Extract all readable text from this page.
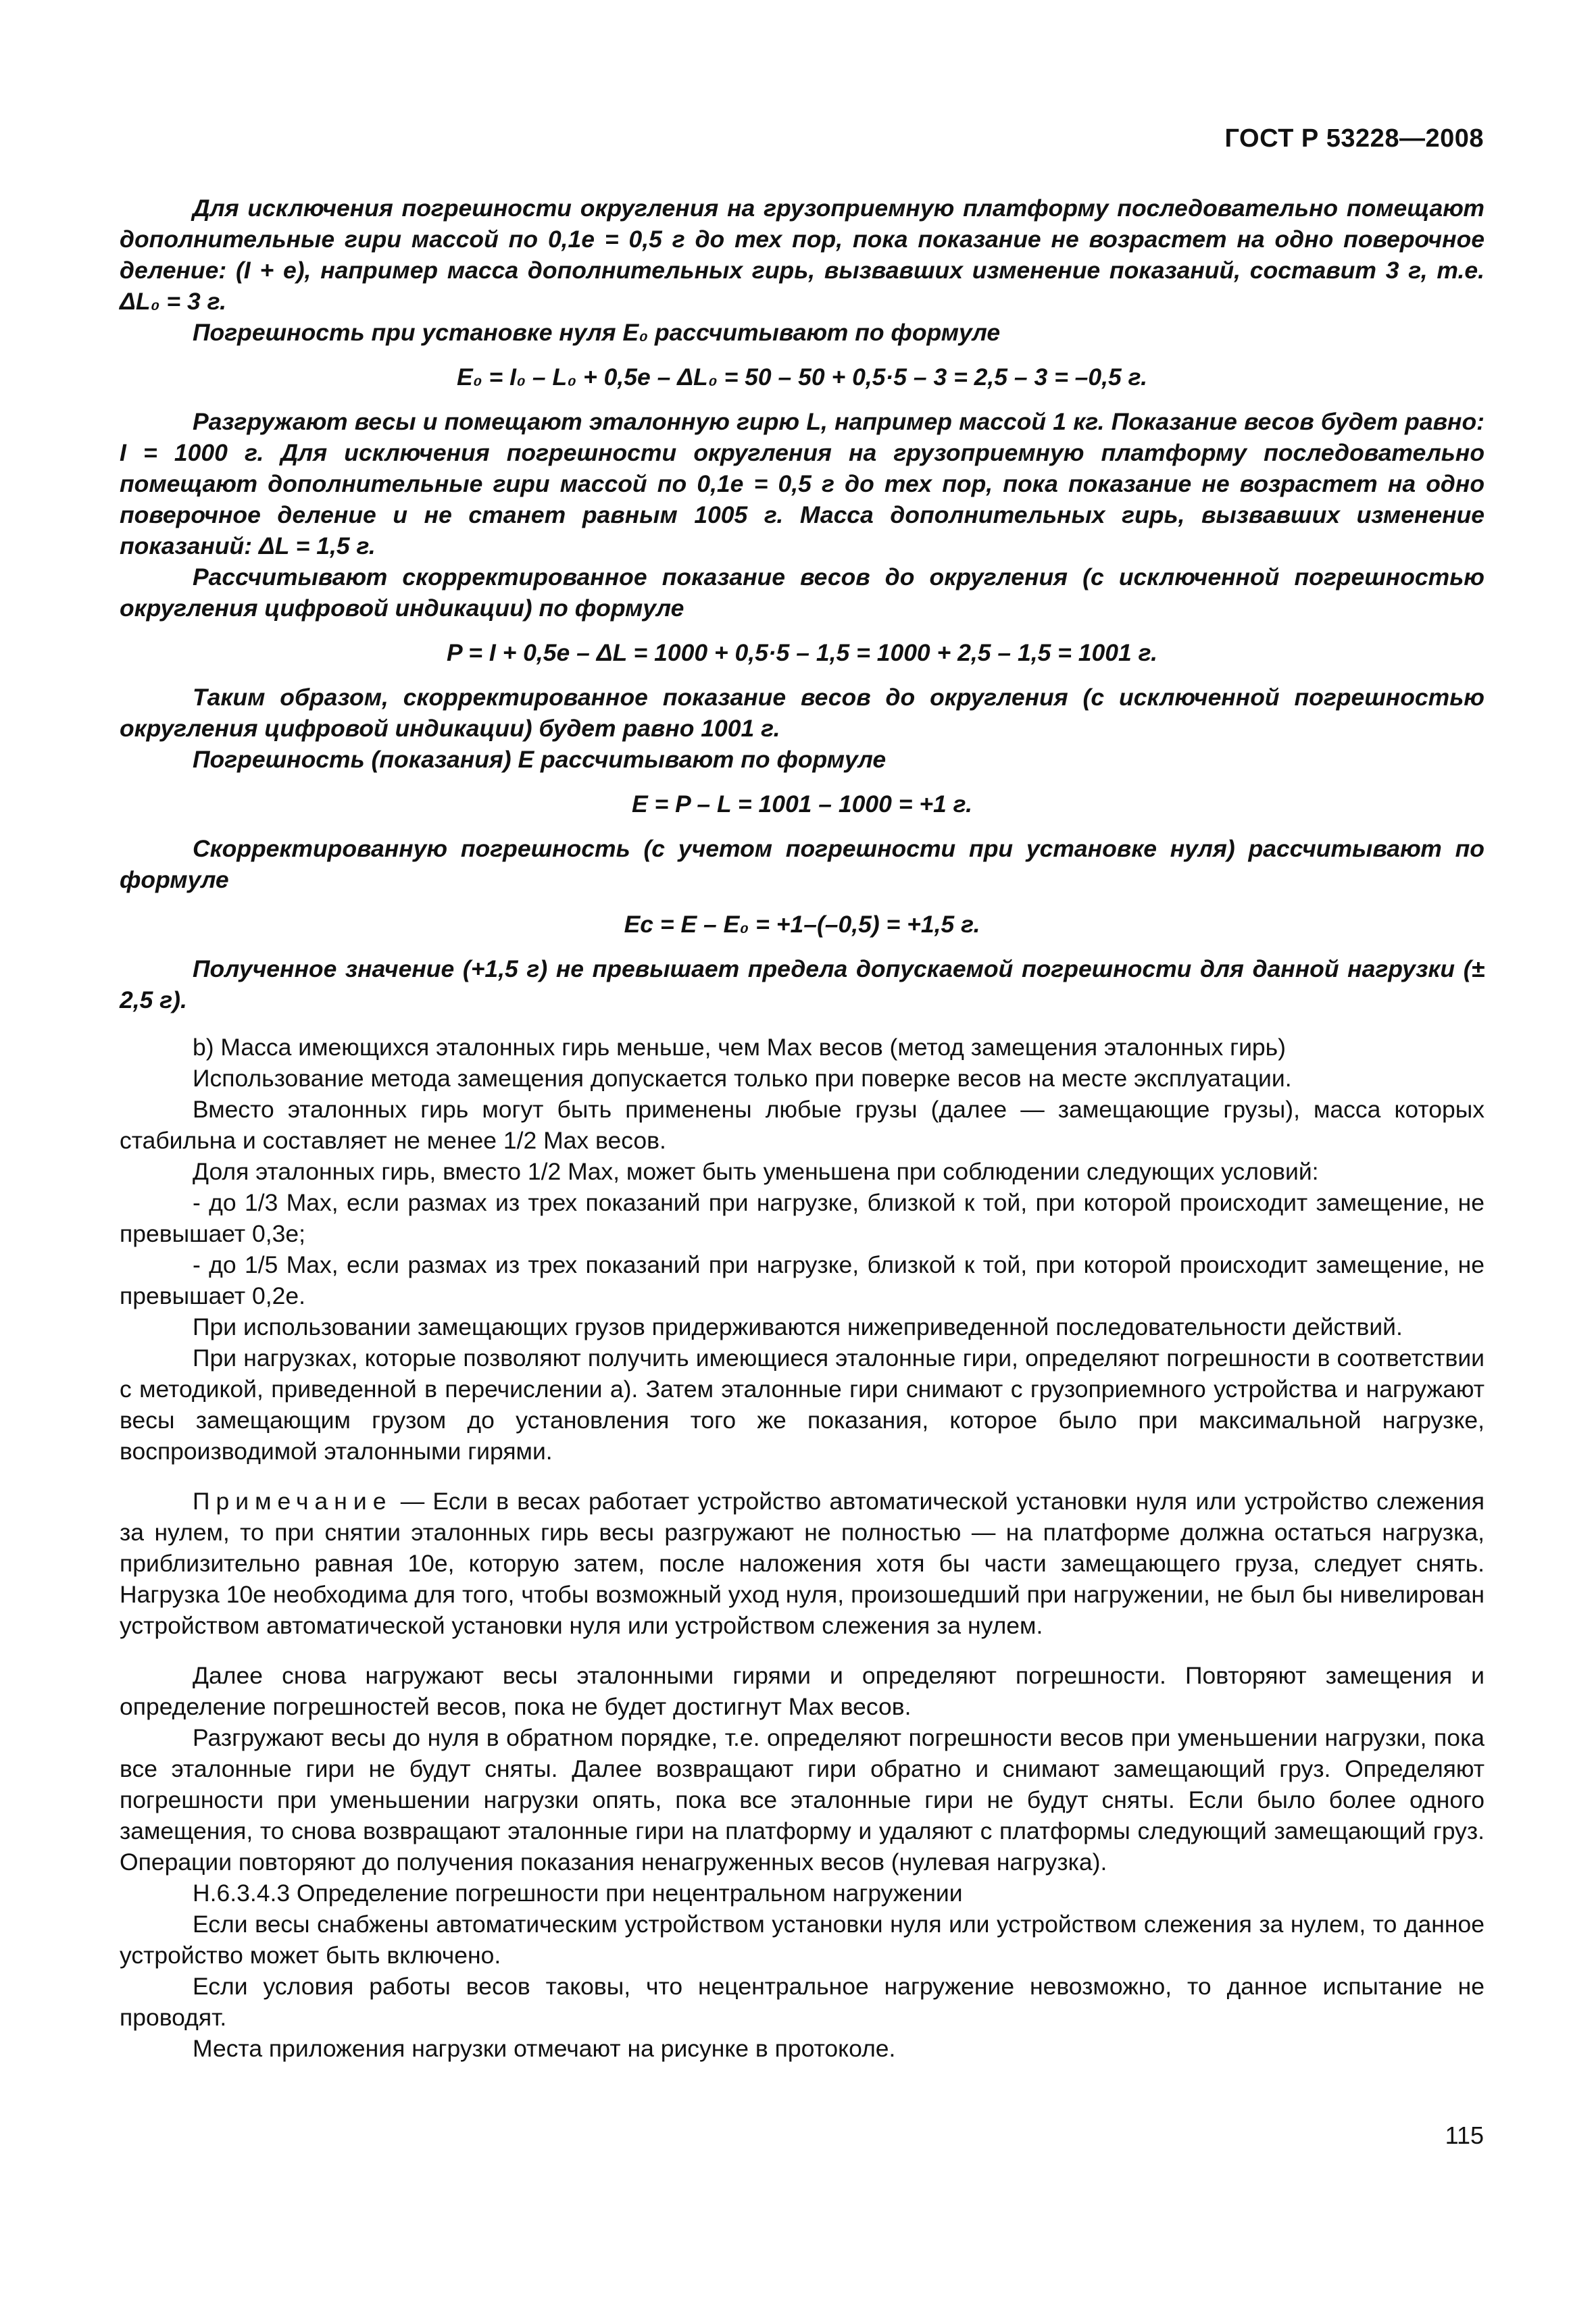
ГОСТ Р 53228—2008

Для исключения погрешности округления на грузоприемную платформу последовательно помещают дополнительные гири массой по 0,1e = 0,5 г до тех пор, пока показание не возрастет на одно поверочное деление: (I + e), например масса дополнительных гирь, вызвавших изменение показаний, составит 3 г, т.е. ΔL₀ = 3 г.

Погрешность при установке нуля E₀ рассчитывают по формуле

E₀ = I₀ – L₀ + 0,5e – ΔL₀ = 50 – 50 + 0,5·5 – 3 = 2,5 – 3 = –0,5 г.

Разгружают весы и помещают эталонную гирю L, например массой 1 кг. Показание весов будет равно: I = 1000 г. Для исключения погрешности округления на грузоприемную платформу последовательно помещают дополнительные гири массой по 0,1e = 0,5 г до тех пор, пока показание не возрастет на одно поверочное деление и не станет равным 1005 г. Масса дополнительных гирь, вызвавших изменение показаний: ΔL = 1,5 г.

Рассчитывают скорректированное показание весов до округления (с исключенной погрешностью округления цифровой индикации) по формуле

P = I + 0,5e – ΔL = 1000 + 0,5·5 – 1,5 = 1000 + 2,5 – 1,5 = 1001 г.

Таким образом, скорректированное показание весов до округления (с исключенной погрешностью округления цифровой индикации) будет равно 1001 г.

Погрешность (показания) E рассчитывают по формуле

E = P – L = 1001 – 1000 = +1 г.

Скорректированную погрешность (с учетом погрешности при установке нуля) рассчитывают по формуле

Ec = E – E₀ = +1–(–0,5) = +1,5 г.

Полученное значение (+1,5 г) не превышает предела допускаемой погрешности для данной нагрузки (± 2,5 г).

b) Масса имеющихся эталонных гирь меньше, чем Max весов (метод замещения эталонных гирь)

Использование метода замещения допускается только при поверке весов на месте эксплуатации.

Вместо эталонных гирь могут быть применены любые грузы (далее — замещающие грузы), масса которых стабильна и составляет не менее 1/2 Max весов.

Доля эталонных гирь, вместо 1/2 Max, может быть уменьшена при соблюдении следующих условий:

- до 1/3 Max, если размах из трех показаний при нагрузке, близкой к той, при которой происходит замещение, не превышает 0,3e;

- до 1/5 Max, если размах из трех показаний при нагрузке, близкой к той, при которой происходит замещение, не превышает 0,2e.

При использовании замещающих грузов придерживаются нижеприведенной последовательности действий.

При нагрузках, которые позволяют получить имеющиеся эталонные гири, определяют погрешности в соответствии с методикой, приведенной в перечислении а). Затем эталонные гири снимают с грузоприемного устройства и нагружают весы замещающим грузом до установления того же показания, которое было при максимальной нагрузке, воспроизводимой эталонными гирями.

Примечание — Если в весах работает устройство автоматической установки нуля или устройство слежения за нулем, то при снятии эталонных гирь весы разгружают не полностью — на платформе должна остаться нагрузка, приблизительно равная 10e, которую затем, после наложения хотя бы части замещающего груза, следует снять. Нагрузка 10e необходима для того, чтобы возможный уход нуля, произошедший при нагружении, не был бы нивелирован устройством автоматической установки нуля или устройством слежения за нулем.

Далее снова нагружают весы эталонными гирями и определяют погрешности. Повторяют замещения и определение погрешностей весов, пока не будет достигнут Max весов.

Разгружают весы до нуля в обратном порядке, т.е. определяют погрешности весов при уменьшении нагрузки, пока все эталонные гири не будут сняты. Далее возвращают гири обратно и снимают замещающий груз. Определяют погрешности при уменьшении нагрузки опять, пока все эталонные гири не будут сняты. Если было более одного замещения, то снова возвращают эталонные гири на платформу и удаляют с платформы следующий замещающий груз. Операции повторяют до получения показания ненагруженных весов (нулевая нагрузка).

Н.6.3.4.3 Определение погрешности при нецентральном нагружении

Если весы снабжены автоматическим устройством установки нуля или устройством слежения за нулем, то данное устройство может быть включено.

Если условия работы весов таковы, что нецентральное нагружение невозможно, то данное испытание не проводят.

Места приложения нагрузки отмечают на рисунке в протоколе.

115
